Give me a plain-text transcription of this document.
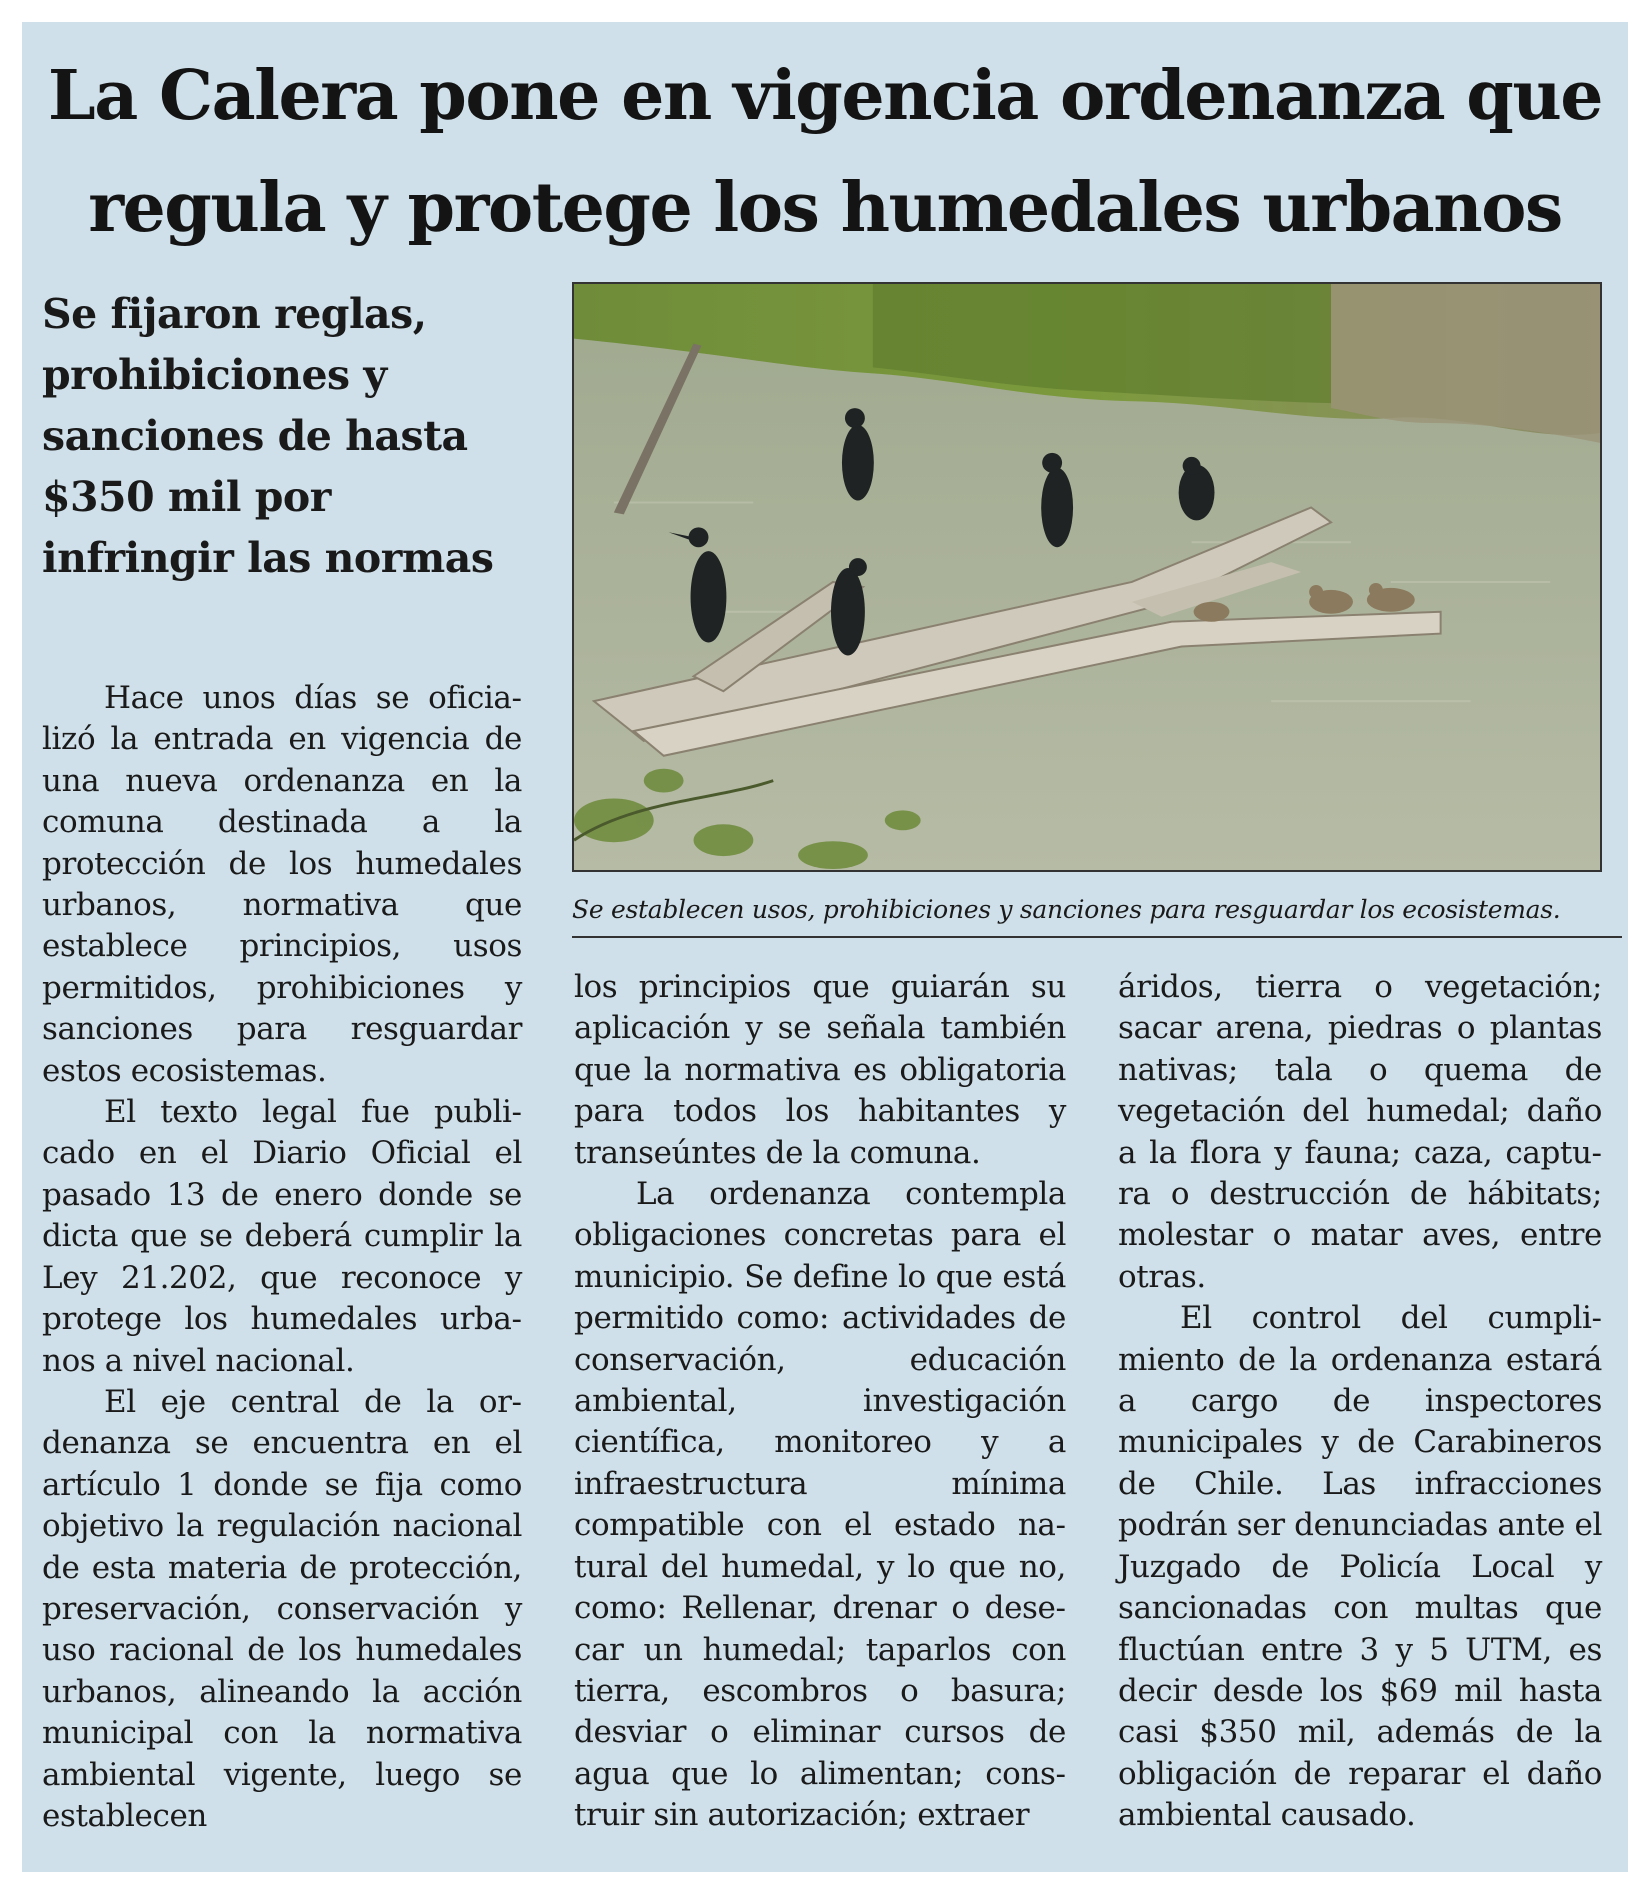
La Calera pone en vigencia ordenanza que
regula y protege los humedales urbanos
Se fijaron reglas, prohibiciones y sanciones de hasta $350 mil por infringir las normas
Se establecen usos, prohibiciones y sanciones para resguardar los ecosistemas.

Hace unos días se oficializó la entrada en vigencia de una nueva ordenanza en la comuna destinada a la protección de los humedales urbanos, normativa que establece principios, usos permitidos, prohibiciones y sanciones para resguardar estos ecosistemas.

El texto legal fue publicado en el Diario Oficial el pasado 13 de enero donde se dicta que se deberá cumplir la Ley 21.202, que reconoce y protege los humedales urbanos a nivel nacional.

El eje central de la ordenanza se encuentra en el artículo 1 donde se fija como objetivo la regulación nacional de esta materia de protección, preservación, conservación y uso racional de los humedales urbanos, alineando la acción municipal con la normativa ambiental vigente, luego se establecen

los principios que guiarán su aplicación y se señala también que la normativa es obligatoria para todos los habitantes y transeúntes de la comuna.

La ordenanza contempla obligaciones concretas para el municipio. Se define lo que está permitido como: actividades de conservación, educación ambiental, investigación científica, monitoreo y a infraestructura mínima compatible con el estado natural del humedal, y lo que no, como: Rellenar, drenar o desecar un humedal; taparlos con tierra, escombros o basura; desviar o eliminar cursos de agua que lo alimentan; construir sin autorización; extraer

áridos, tierra o vegetación; sacar arena, piedras o plantas nativas; tala o quema de vegetación del humedal; daño a la flora y fauna; caza, captura o destrucción de hábitats; molestar o matar aves, entre otras.

El control del cumplimiento de la ordenanza estará a cargo de inspectores municipales y de Carabineros de Chile. Las infracciones podrán ser denunciadas ante el Juzgado de Policía Local y sancionadas con multas que fluctúan entre 3 y 5 UTM, es decir desde los $69 mil hasta casi $350 mil, además de la obligación de reparar el daño ambiental causado.
